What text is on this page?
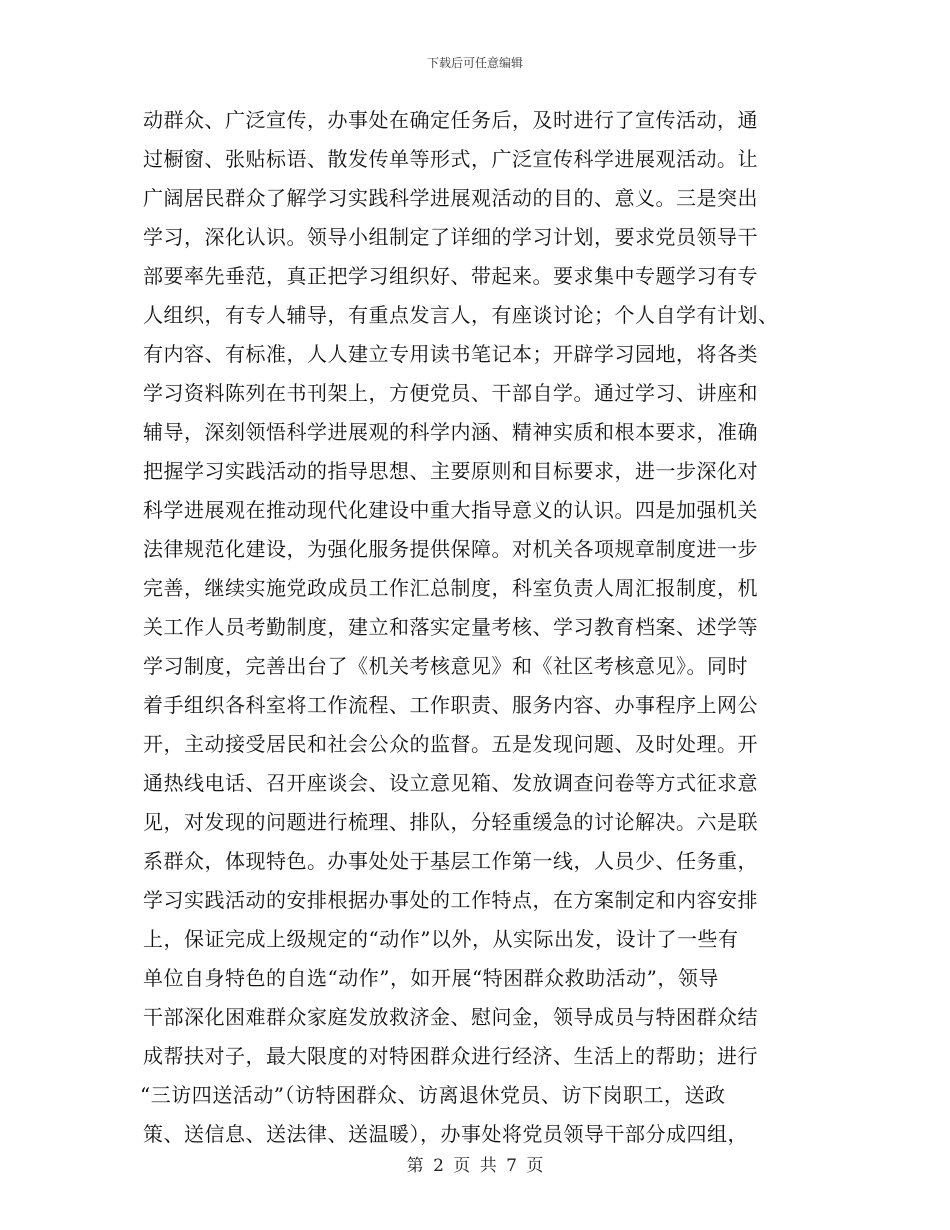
下载后可任意编辑
动群众、广泛宣传，办事处在确定任务后，及时进行了宣传活动，通
过橱窗、张贴标语、散发传单等形式，广泛宣传科学进展观活动。让
广阔居民群众了解学习实践科学进展观活动的目的、意义。三是突出
学习，深化认识。领导小组制定了详细的学习计划，要求党员领导干
部要率先垂范，真正把学习组织好、带起来。要求集中专题学习有专
人组织，有专人辅导，有重点发言人，有座谈讨论；个人自学有计划、
有内容、有标准，人人建立专用读书笔记本；开辟学习园地，将各类
学习资料陈列在书刊架上，方便党员、干部自学。通过学习、讲座和
辅导，深刻领悟科学进展观的科学内涵、精神实质和根本要求，准确
把握学习实践活动的指导思想、主要原则和目标要求，进一步深化对
科学进展观在推动现代化建设中重大指导意义的认识。四是加强机关
法律规范化建设，为强化服务提供保障。对机关各项规章制度进一步
完善，继续实施党政成员工作汇总制度，科室负责人周汇报制度，机
关工作人员考勤制度，建立和落实定量考核、学习教育档案、述学等
学习制度，完善出台了《机关考核意见》和《社区考核意见》。同时
着手组织各科室将工作流程、工作职责、服务内容、办事程序上网公
开，主动接受居民和社会公众的监督。五是发现问题、及时处理。开
通热线电话、召开座谈会、设立意见箱、发放调查问卷等方式征求意
见，对发现的问题进行梳理、排队，分轻重缓急的讨论解决。六是联
系群众，体现特色。办事处处于基层工作第一线，人员少、任务重，
学习实践活动的安排根据办事处的工作特点，在方案制定和内容安排
上，保证完成上级规定的“动作”以外，从实际出发，设计了一些有
单位自身特色的自选“动作”，如开展“特困群众救助活动”，领导
干部深化困难群众家庭发放救济金、慰问金，领导成员与特困群众结
成帮扶对子，最大限度的对特困群众进行经济、生活上的帮助；进行
“三访四送活动”（访特困群众、访离退休党员、访下岗职工，送政
策、送信息、送法律、送温暖），办事处将党员领导干部分成四组，
第 2 页 共 7 页
